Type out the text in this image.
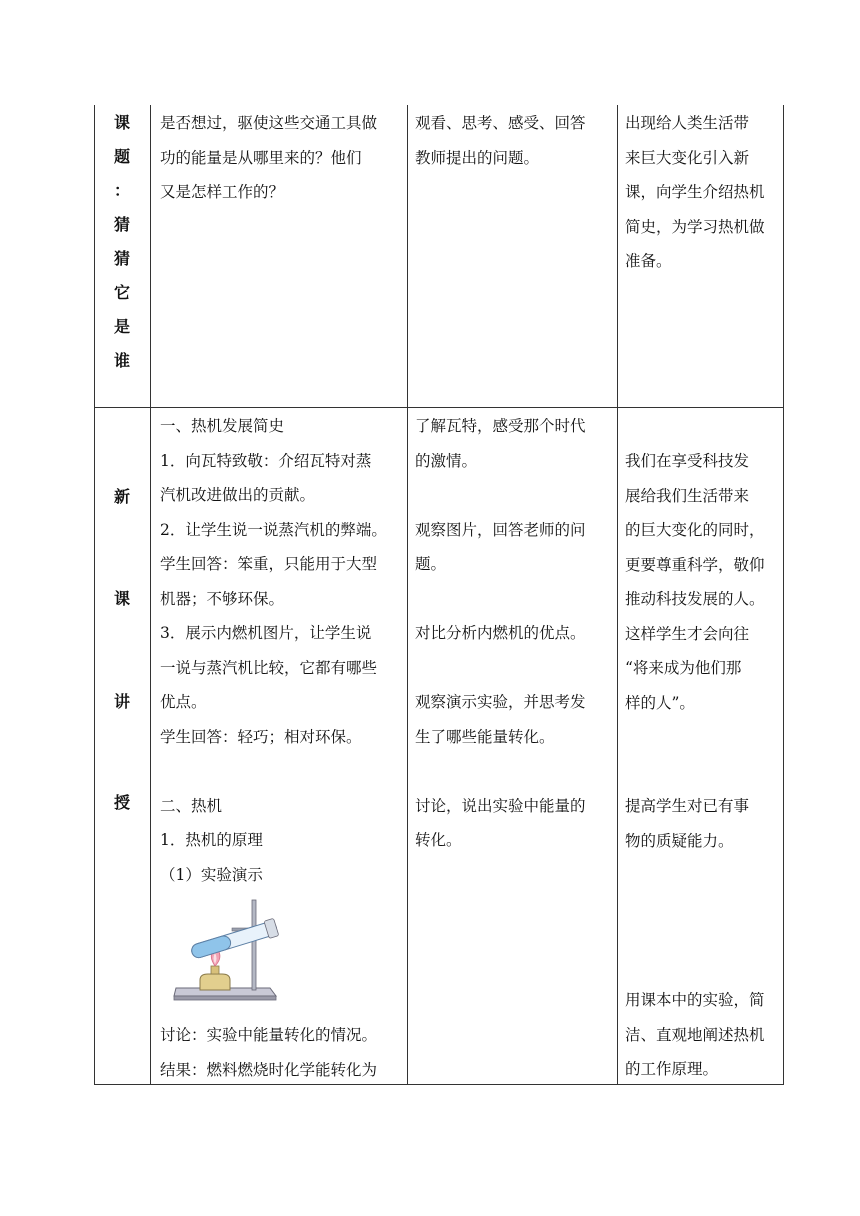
课
题
：
猜
猜
它
是
谁

是否想过，驱使这些交通工具做

功的能量是从哪里来的？他们

又是怎样工作的？

观看、思考、感受、回答

教师提出的问题。

出现给人类生活带

来巨大变化引入新

课，向学生介绍热机

简史，为学习热机做

准备。

新
课
讲
授

一、热机发展简史

1．向瓦特致敬：介绍瓦特对蒸

汽机改进做出的贡献。

2．让学生说一说蒸汽机的弊端。

学生回答：笨重，只能用于大型

机器；不够环保。

3．展示内燃机图片，让学生说

一说与蒸汽机比较，它都有哪些

优点。

学生回答：轻巧；相对环保。

二、热机

1．热机的原理

（1）实验演示

讨论：实验中能量转化的情况。

结果：燃料燃烧时化学能转化为

了解瓦特，感受那个时代

的激情。

观察图片，回答老师的问

题。

对比分析内燃机的优点。

观察演示实验，并思考发

生了哪些能量转化。

讨论，说出实验中能量的

转化。

我们在享受科技发

展给我们生活带来

的巨大变化的同时，

更要尊重科学，敬仰

推动科技发展的人。

这样学生才会向往

“将来成为他们那

样的人”。

提高学生对已有事

物的质疑能力。

用课本中的实验，简

洁、直观地阐述热机

的工作原理。
